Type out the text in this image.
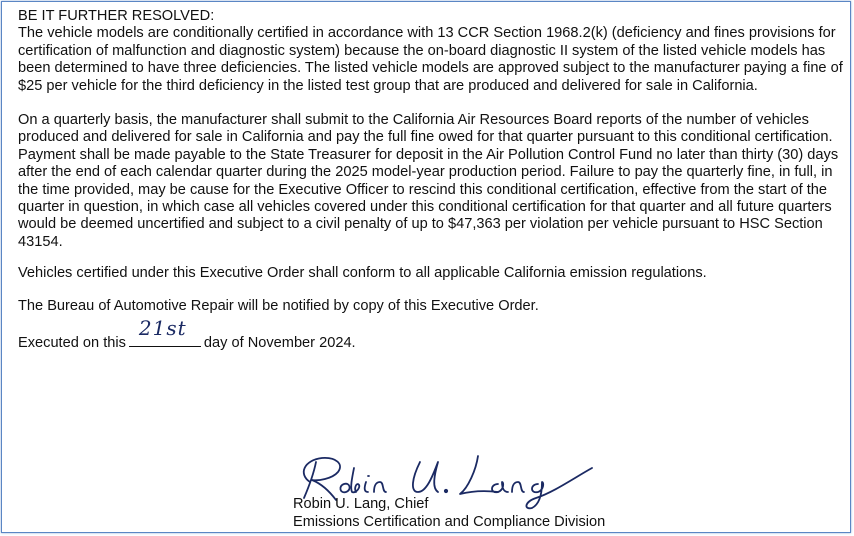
BE IT FURTHER RESOLVED:

The vehicle models are conditionally certified in accordance with 13 CCR Section 1968.2(k) (deficiency and fines provisions for certification of malfunction and diagnostic system) because the on-board diagnostic II system of the listed vehicle models has been determined to have three deficiencies. The listed vehicle models are approved subject to the manufacturer paying a fine of $25 per vehicle for the third deficiency in the listed test group that are produced and delivered for sale in California.

On a quarterly basis, the manufacturer shall submit to the California Air Resources Board reports of the number of vehicles produced and delivered for sale in California and pay the full fine owed for that quarter pursuant to this conditional certification. Payment shall be made payable to the State Treasurer for deposit in the Air Pollution Control Fund no later than thirty (30) days after the end of each calendar quarter during the 2025 model-year production period. Failure to pay the quarterly fine, in full, in the time provided, may be cause for the Executive Officer to rescind this conditional certification, effective from the start of the quarter in question, in which case all vehicles covered under this conditional certification for that quarter and all future quarters would be deemed uncertified and subject to a civil penalty of up to $47,363 per violation per vehicle pursuant to HSC Section 43154.

Vehicles certified under this Executive Order shall conform to all applicable California emission regulations.

The Bureau of Automotive Repair will be notified by copy of this Executive Order.

Executed on this
21st
day of November 2024.

Robin U. Lang, Chief
Emissions Certification and Compliance Division
